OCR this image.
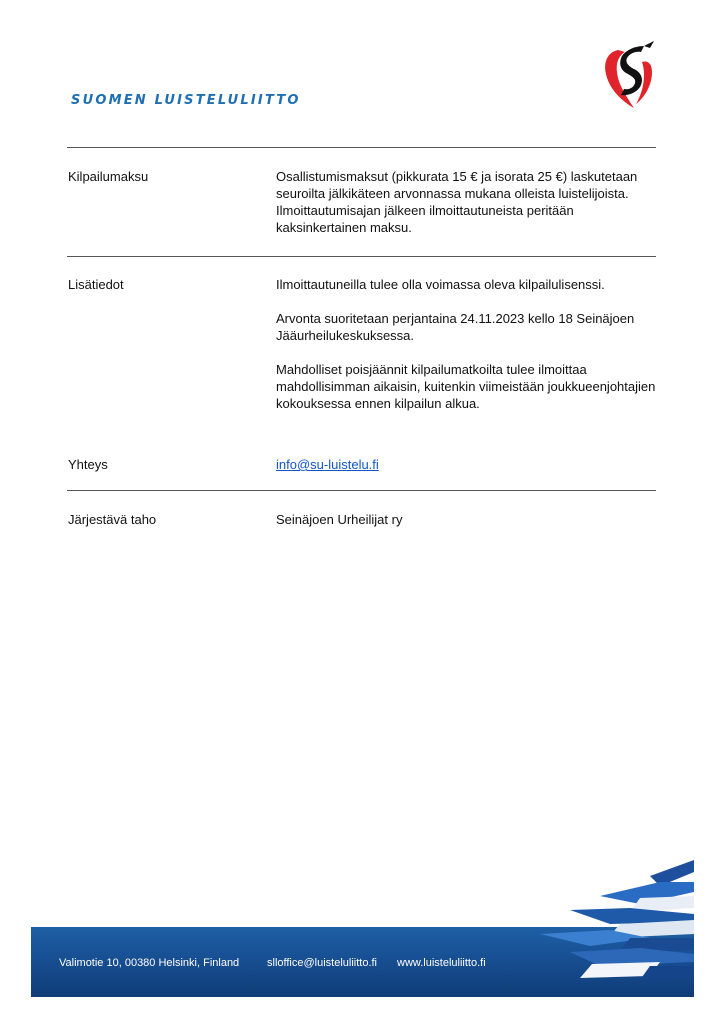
SUOMEN LUISTELULIITTO
Kilpailumaksu	Osallistumismaksut (pikkurata 15 € ja isorata 25 €) laskutetaan seuroilta jälkikäteen arvonnassa mukana olleista luistelijoista. Ilmoittautumisajan jälkeen ilmoittautuneista peritään kaksinkertainen maksu.

Lisätiedot	Ilmoittautuneilla tulee olla voimassa oleva kilpailulisenssi.

Arvonta suoritetaan perjantaina 24.11.2023 kello 18 Seinäjoen Jääurheilukeskuksessa.

Mahdolliset poisjäännit kilpailumatkoilta tulee ilmoittaa mahdollisimman aikaisin, kuitenkin viimeistään joukkueenjohtajien kokouksessa ennen kilpailun alkua.

Yhteys	info@su-luistelu.fi
Järjestävä taho	Seinäjoen Urheilijat ry
Valimotie 10, 00380 Helsinki, Finland	slloffice@luisteluliitto.fi www.luisteluliitto.fi
